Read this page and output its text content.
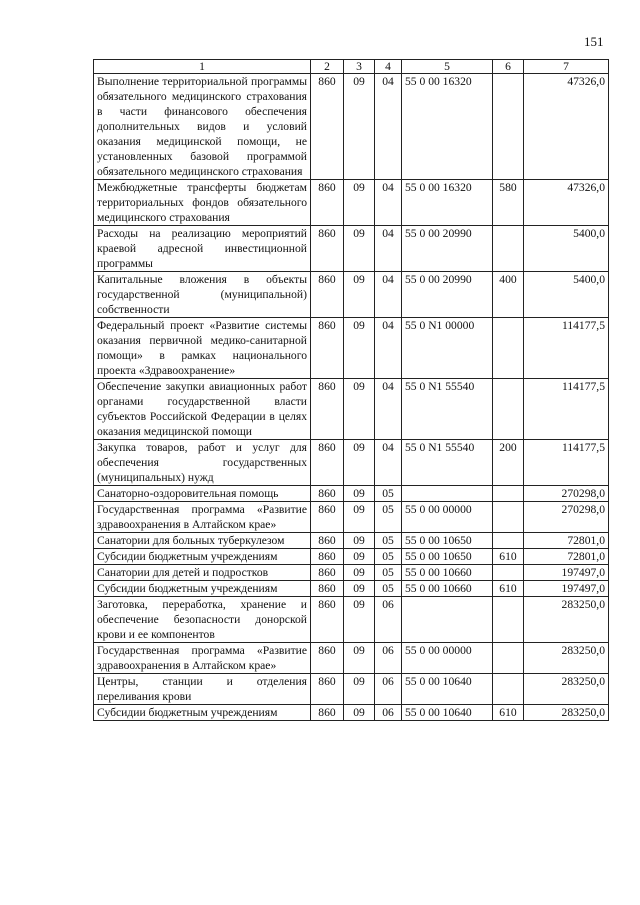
151
1	2	3	4	5	6	7
Выполнение территориальной программы обязательного медицинского страхования в части финансового обеспечения дополнительных видов и условий оказания медицинской помощи, не установленных базовой программой обязательного медицинского страхования	860	09	04	55 0 00 16320		47326,0
Межбюджетные трансферты бюджетам территориальных фондов обязательного медицинского страхования	860	09	04	55 0 00 16320	580	47326,0
Расходы на реализацию мероприятий краевой адресной инвестиционной программы	860	09	04	55 0 00 20990		5400,0
Капитальные вложения в объекты государственной (муниципальной) собственности	860	09	04	55 0 00 20990	400	5400,0
Федеральный проект «Развитие системы оказания первичной медико-санитарной помощи» в рамках национального проекта «Здравоохранение»	860	09	04	55 0 N1 00000		114177,5
Обеспечение закупки авиационных работ органами государственной власти субъектов Российской Федерации в целях оказания медицинской помощи	860	09	04	55 0 N1 55540		114177,5
Закупка товаров, работ и услуг для обеспечения государственных (муниципальных) нужд	860	09	04	55 0 N1 55540	200	114177,5
Санаторно-оздоровительная помощь	860	09	05			270298,0
Государственная программа «Развитие здравоохранения в Алтайском крае»	860	09	05	55 0 00 00000		270298,0
Санатории для больных туберкулезом	860	09	05	55 0 00 10650		72801,0
Субсидии бюджетным учреждениям	860	09	05	55 0 00 10650	610	72801,0
Санатории для детей и подростков	860	09	05	55 0 00 10660		197497,0
Субсидии бюджетным учреждениям	860	09	05	55 0 00 10660	610	197497,0
Заготовка, переработка, хранение и обеспечение безопасности донорской крови и ее компонентов	860	09	06			283250,0
Государственная программа «Развитие здравоохранения в Алтайском крае»	860	09	06	55 0 00 00000		283250,0
Центры, станции и отделения переливания крови	860	09	06	55 0 00 10640		283250,0
Субсидии бюджетным учреждениям	860	09	06	55 0 00 10640	610	283250,0
